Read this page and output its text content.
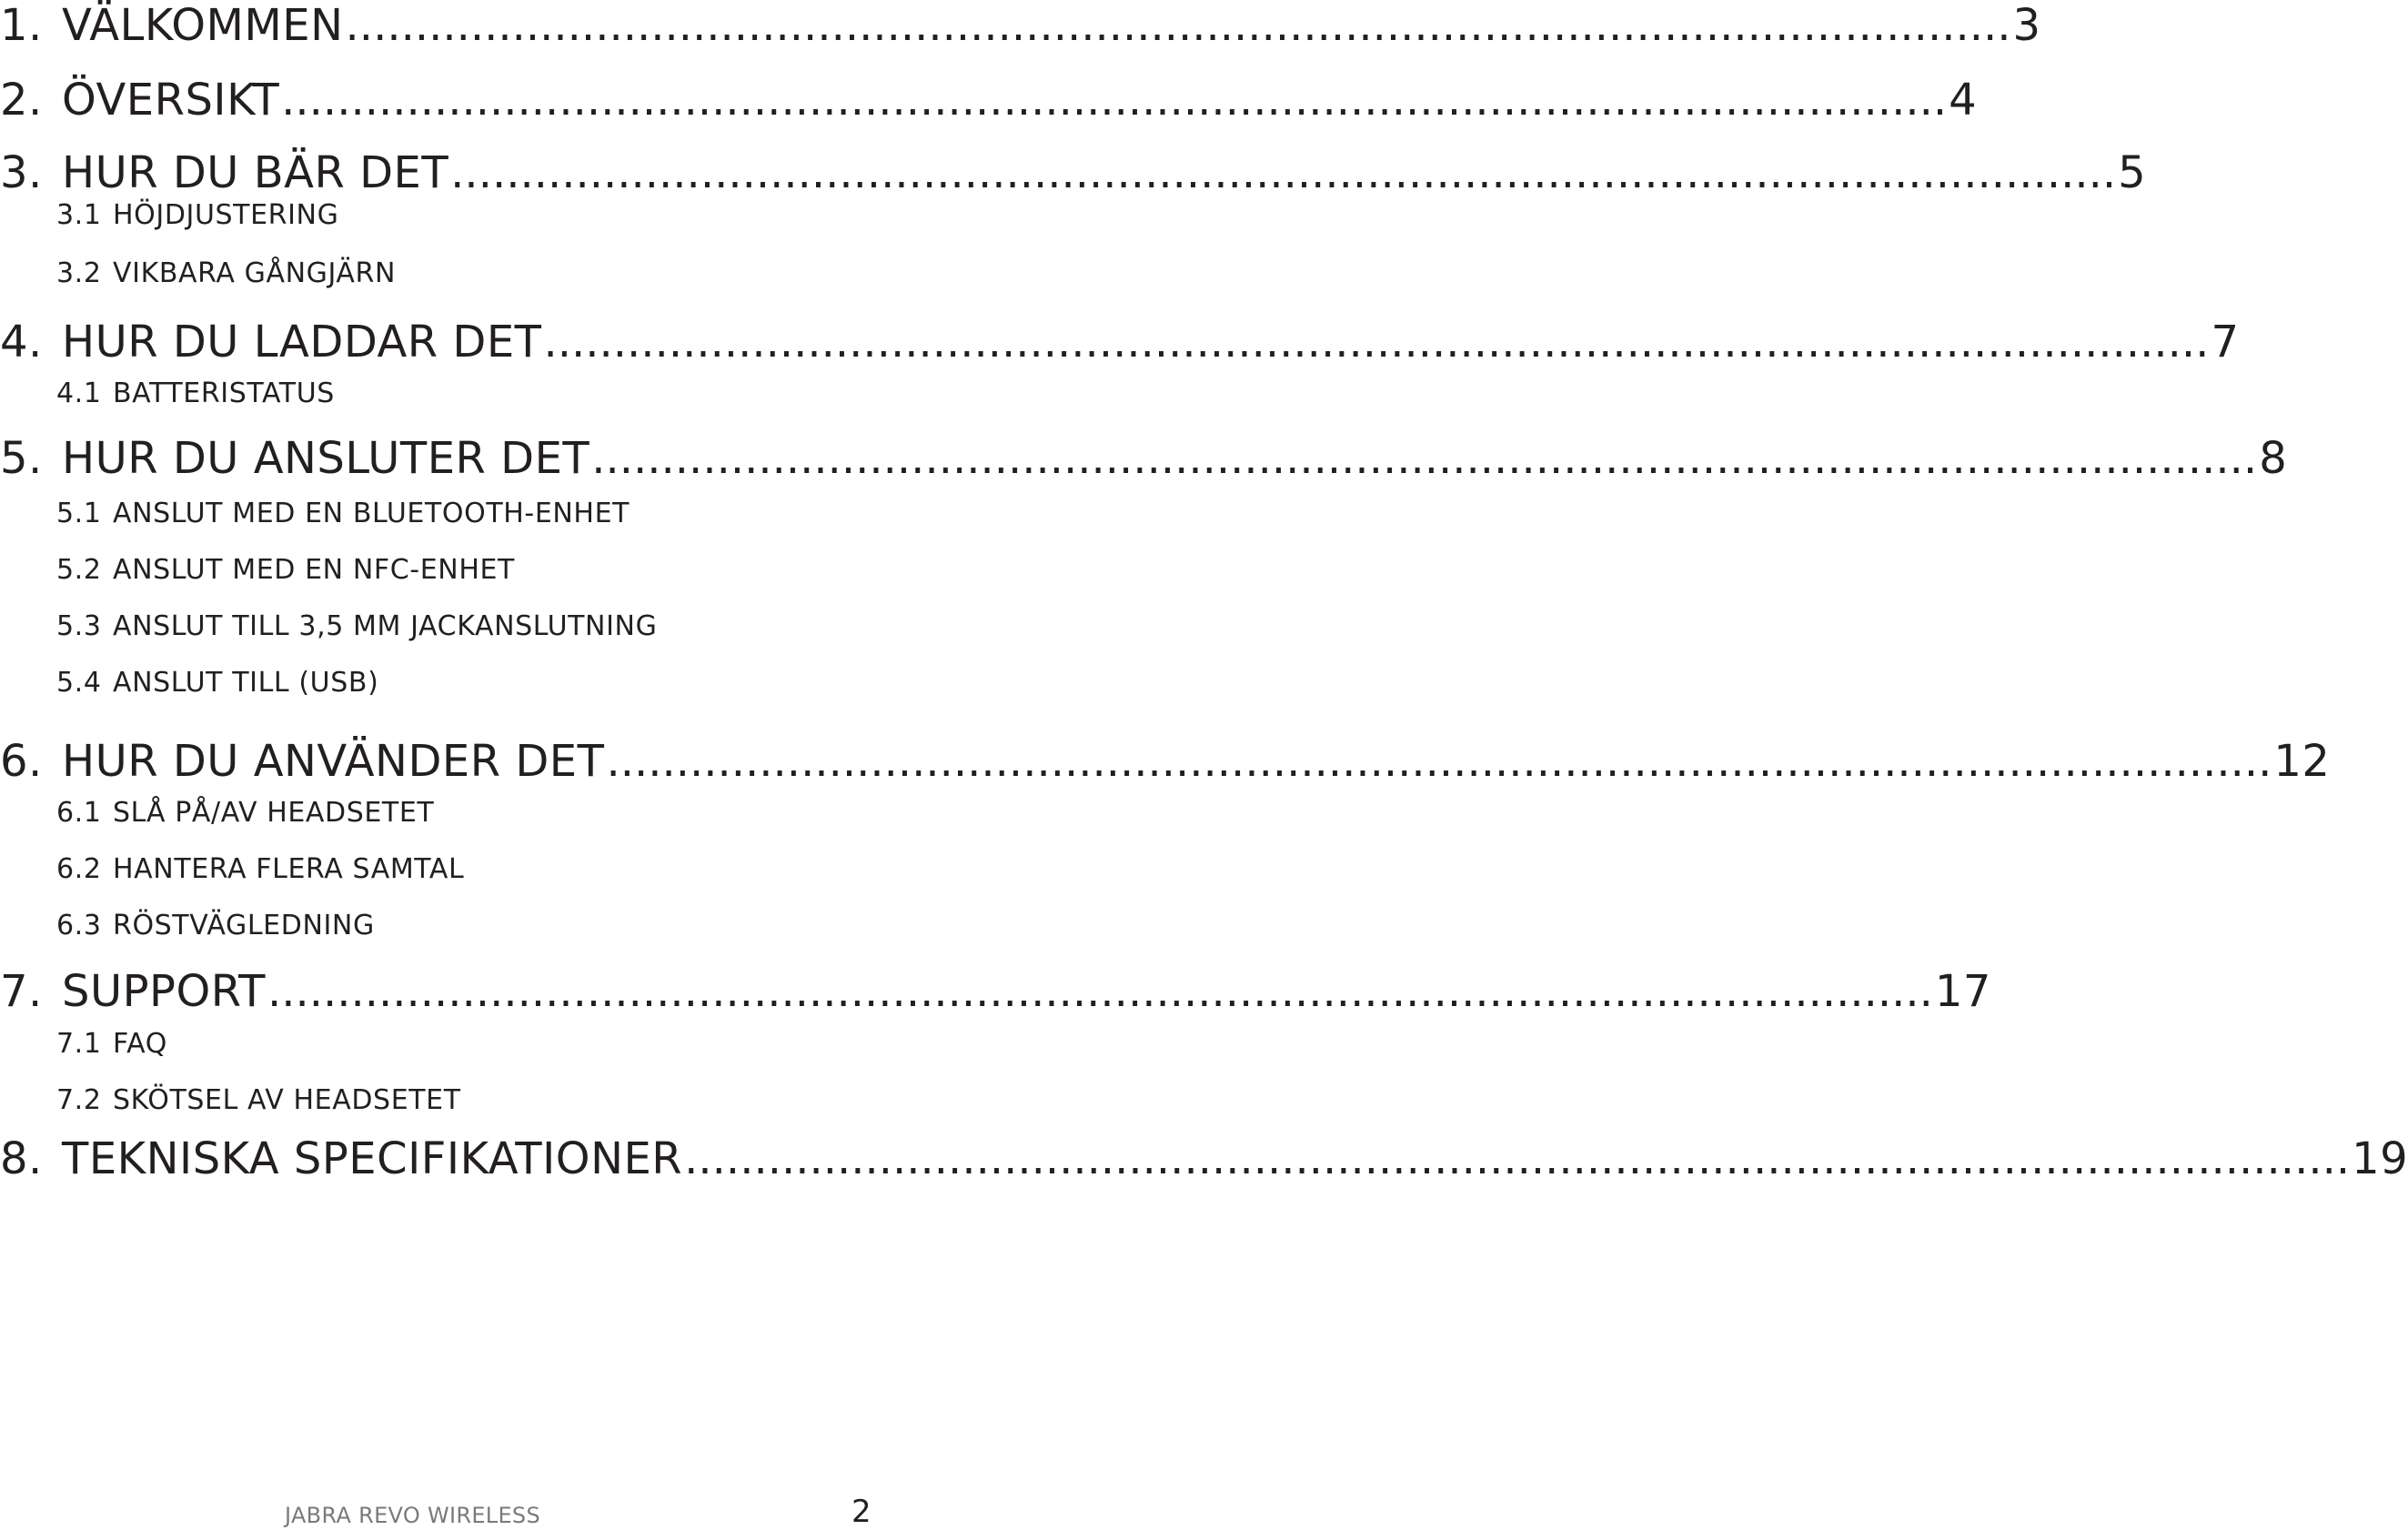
1. VÄLKOMMEN ........................................................................................................................ 3
2. ÖVERSIKT ........................................................................................................................ 4
3. HUR DU BÄR DET ........................................................................................................................ 5
3.1 HÖJDJUSTERING
3.2 VIKBARA GÅNGJÄRN
4. HUR DU LADDAR DET ........................................................................................................................ 7
4.1 BATTERISTATUS
5. HUR DU ANSLUTER DET ........................................................................................................................ 8
5.1 ANSLUT MED EN BLUETOOTH-ENHET
5.2 ANSLUT MED EN NFC-ENHET
5.3 ANSLUT TILL 3,5 MM JACKANSLUTNING
5.4 ANSLUT TILL (USB)
6. HUR DU ANVÄNDER DET ........................................................................................................................ 12
6.1 SLÅ PÅ/AV HEADSETET
6.2 HANTERA FLERA SAMTAL
6.3 RÖSTVÄGLEDNING
7. SUPPORT ........................................................................................................................ 17
7.1 FAQ
7.2 SKÖTSEL AV HEADSETET
8. TEKNISKA SPECIFIKATIONER ........................................................................................................................ 19
JABRA REVO WIRELESS	2
